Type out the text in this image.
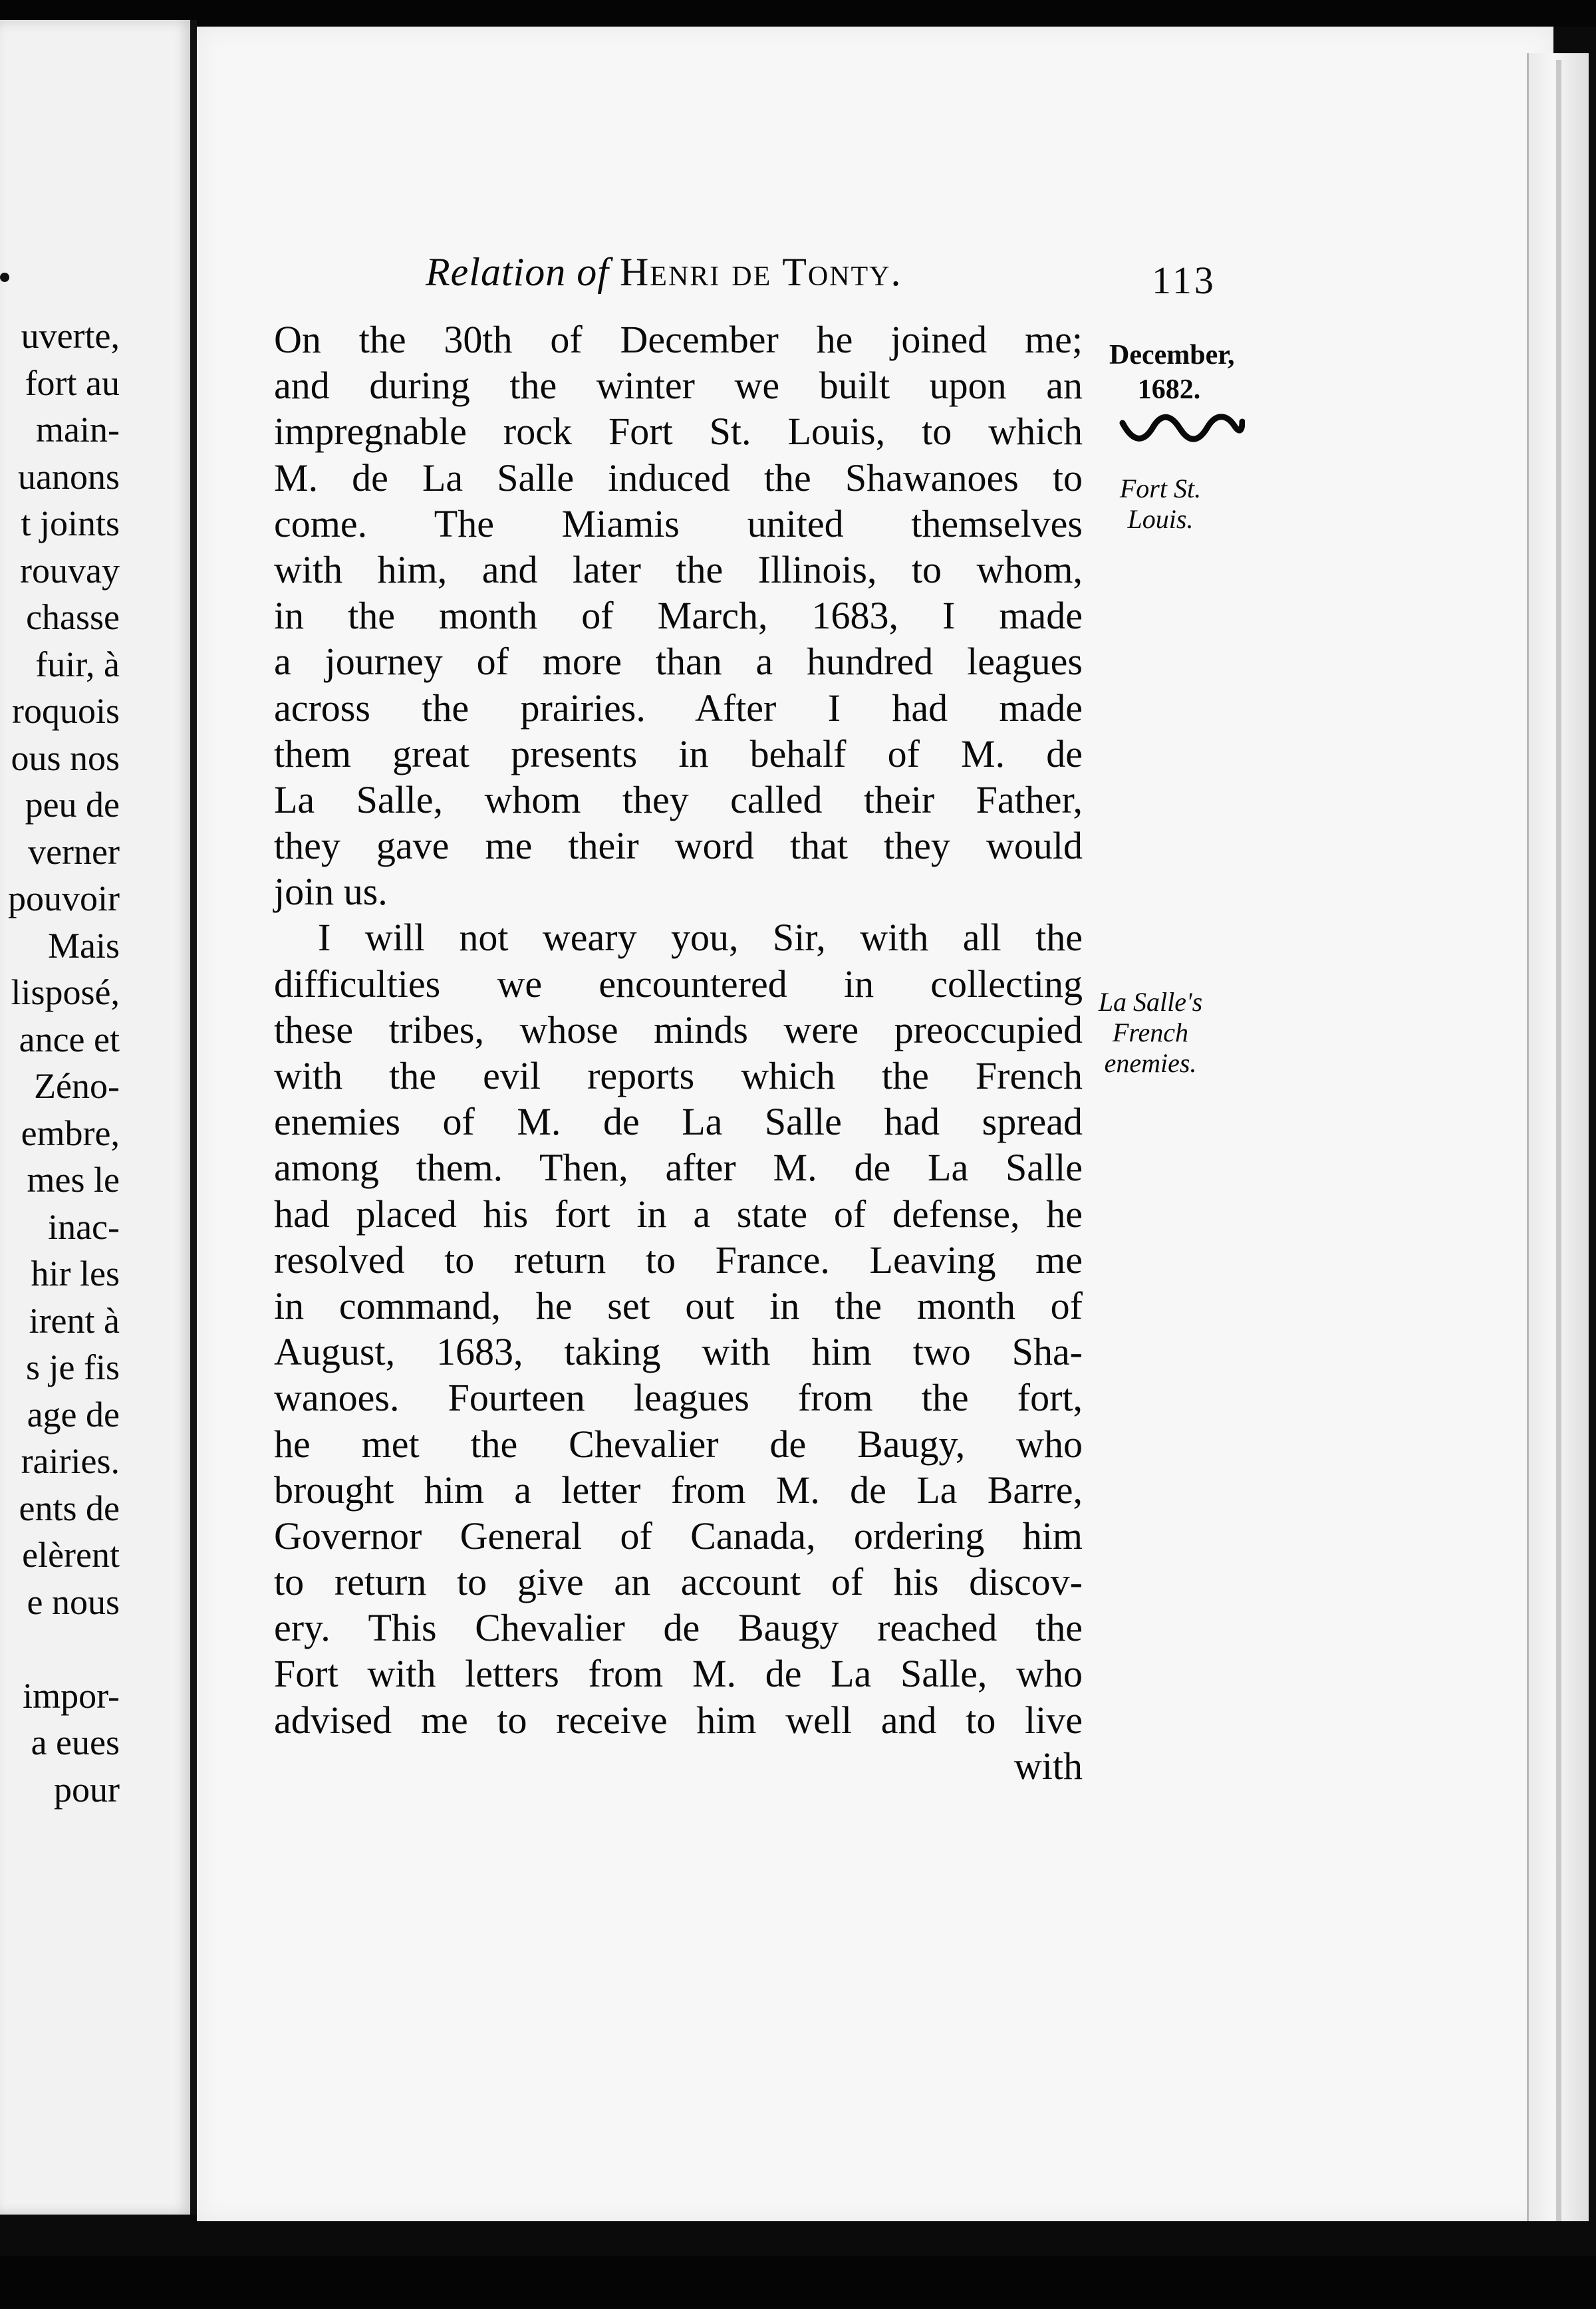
uverte,
fort au
main-
uanons
t joints
rouvay
chasse
fuir, à
roquois
ous nos
peu de
verner
pouvoir
Mais
lisposé,
ance et
Zéno-
embre,
mes le
inac-
hir les
irent à
s je fis
age de
rairies.
ents de
elèrent
e nous
impor-
a eues
pour
Relation of Henri de Tonty.	113
December,
1682.
Fort St.
Louis.
La Salle's
French
enemies.
On the 30th of December he joined me;
and during the winter we built upon an
impregnable rock Fort St. Louis, to which
M. de La Salle induced the Shawanoes to
come. The Miamis united themselves
with him, and later the Illinois, to whom,
in the month of March, 1683, I made
a journey of more than a hundred leagues
across the prairies. After I had made
them great presents in behalf of M. de
La Salle, whom they called their Father,
they gave me their word that they would
join us.
I will not weary you, Sir, with all the
difficulties we encountered in collecting
these tribes, whose minds were preoccupied
with the evil reports which the French
enemies of M. de La Salle had spread
among them. Then, after M. de La Salle
had placed his fort in a state of defense, he
resolved to return to France. Leaving me
in command, he set out in the month of
August, 1683, taking with him two Sha-
wanoes. Fourteen leagues from the fort,
he met the Chevalier de Baugy, who
brought him a letter from M. de La Barre,
Governor General of Canada, ordering him
to return to give an account of his discov-
ery. This Chevalier de Baugy reached the
Fort with letters from M. de La Salle, who
advised me to receive him well and to live
with
